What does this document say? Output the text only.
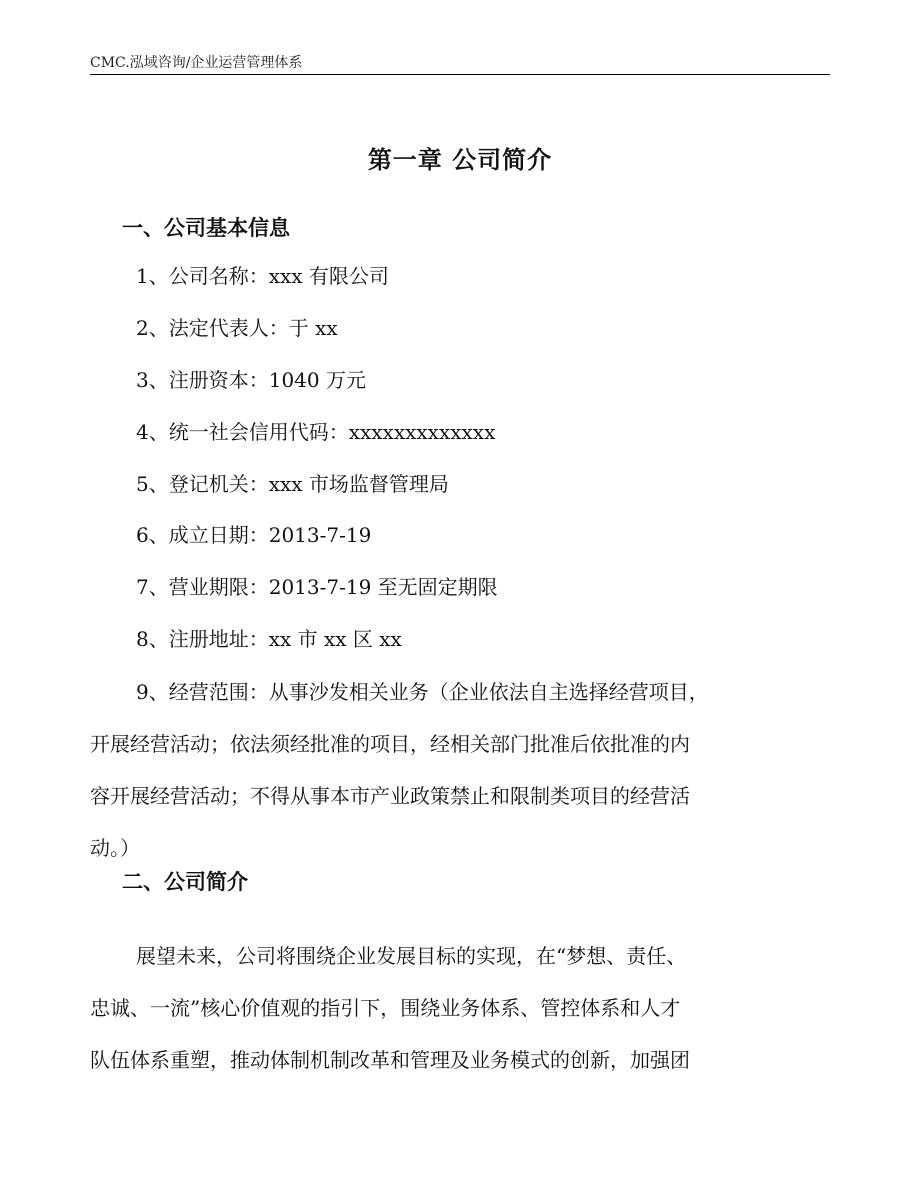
CMC.泓域咨询/企业运营管理体系
第一章 公司简介
一、公司基本信息
1、公司名称：xxx 有限公司
2、法定代表人：于 xx
3、注册资本：1040 万元
4、统一社会信用代码：xxxxxxxxxxxxx
5、登记机关：xxx 市场监督管理局
6、成立日期：2013-7-19
7、营业期限：2013-7-19 至无固定期限
8、注册地址：xx 市 xx 区 xx
9、经营范围：从事沙发相关业务（企业依法自主选择经营项目，
开展经营活动；依法须经批准的项目，经相关部门批准后依批准的内
容开展经营活动；不得从事本市产业政策禁止和限制类项目的经营活
动。）
二、公司简介
展望未来，公司将围绕企业发展目标的实现，在“梦想、责任、
忠诚、一流”核心价值观的指引下，围绕业务体系、管控体系和人才
队伍体系重塑，推动体制机制改革和管理及业务模式的创新，加强团
